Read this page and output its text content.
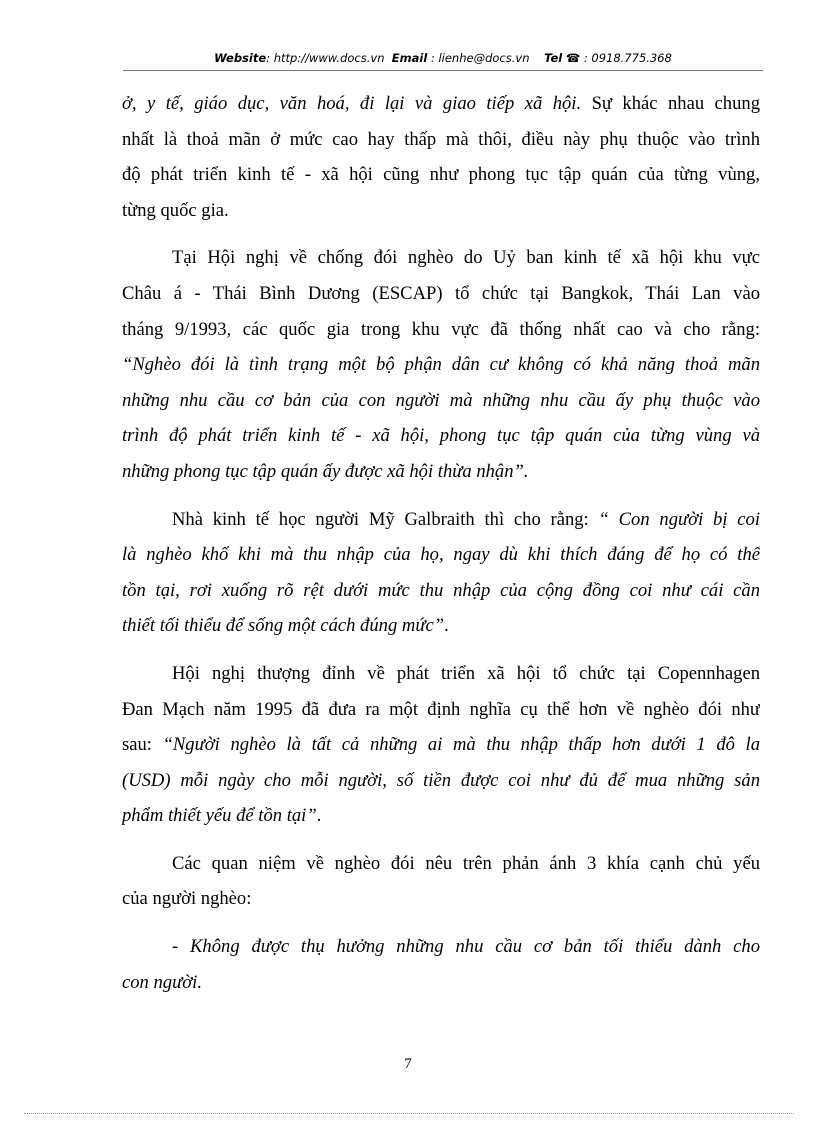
Website: http://www.docs.vn Email : lienhe@docs.vn Tel ☎ : 0918.775.368
ở, y tế, giáo dục, văn hoá, đi lại và giao tiếp xã hội. Sự khác nhau chung
nhất là thoả mãn ở mức cao hay thấp mà thôi, điều này phụ thuộc vào trình
độ phát triển kinh tế - xã hội cũng như phong tục tập quán của từng vùng,
từng quốc gia.
Tại Hội nghị về chống đói nghèo do Uỷ ban kinh tế xã hội khu vực
Châu á - Thái Bình Dương (ESCAP) tổ chức tại Bangkok, Thái Lan vào
tháng 9/1993, các quốc gia trong khu vực đã thống nhất cao và cho rằng:
“Nghèo đói là tình trạng một bộ phận dân cư không có khả năng thoả mãn
những nhu cầu cơ bản của con người mà những nhu cầu ấy phụ thuộc vào
trình độ phát triển kinh tế - xã hội, phong tục tập quán của từng vùng và
những phong tục tập quán ấy được xã hội thừa nhận”.
Nhà kinh tế học người Mỹ Galbraith thì cho rằng: “ Con người bị coi
là nghèo khổ khi mà thu nhập của họ, ngay dù khi thích đáng để họ có thể
tồn tại, rơi xuống rõ rệt dưới mức thu nhập của cộng đồng coi như cái cần
thiết tối thiểu để sống một cách đúng mức”.
Hội nghị thượng đỉnh về phát triển xã hội tổ chức tại Copennhagen
Đan Mạch năm 1995 đã đưa ra một định nghĩa cụ thể hơn về nghèo đói như
sau: “Người nghèo là tất cả những ai mà thu nhập thấp hơn dưới 1 đô la
(USD) mỗi ngày cho mỗi người, số tiền được coi như đủ để mua những sản
phẩm thiết yếu để tồn tại”.
Các quan niệm về nghèo đói nêu trên phản ánh 3 khía cạnh chủ yếu
của người nghèo:
- Không được thụ hưởng những nhu cầu cơ bản tối thiểu dành cho
con người.
7
